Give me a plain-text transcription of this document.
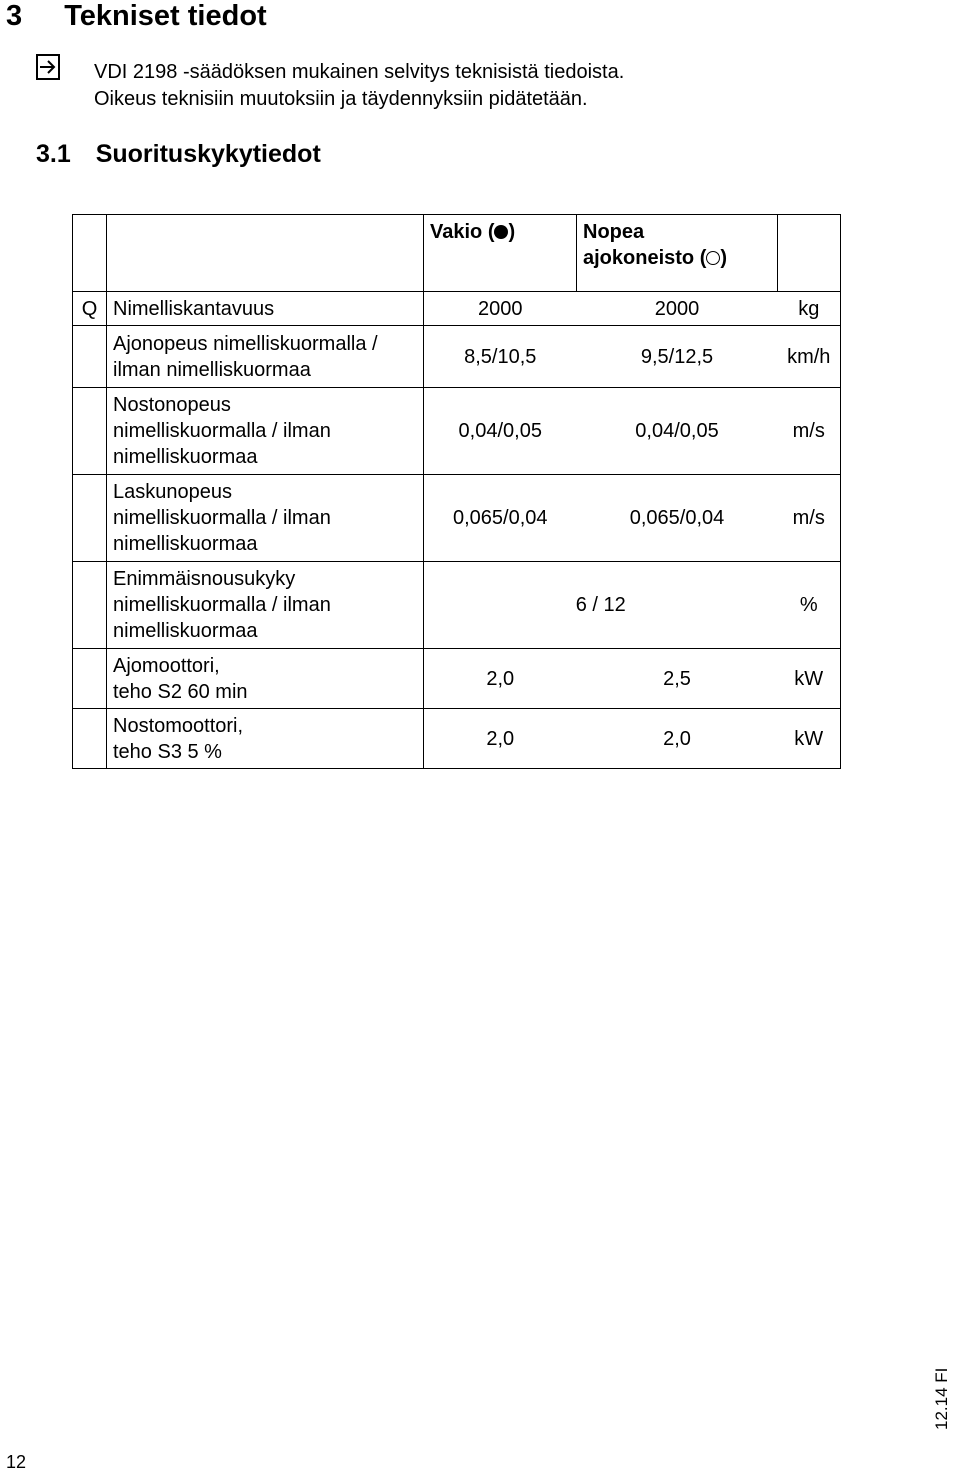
3 Tekniset tiedot
VDI 2198 -säädöksen mukainen selvitys teknisistä tiedoista.
Oikeus teknisiin muutoksiin ja täydennyksiin pidätetään.
3.1 Suorituskykytiedot
		Vakio ( )	Nopea
ajokoneisto ( )	

Q	Nimelliskantavuus	2000	2000	kg

	Ajonopeus nimelliskuormalla /
ilman nimelliskuormaa	8,5/10,5	9,5/12,5	km/h

	Nostonopeus
nimelliskuormalla / ilman
nimelliskuormaa	0,04/0,05	0,04/0,05	m/s

	Laskunopeus
nimelliskuormalla / ilman
nimelliskuormaa	0,065/0,04	0,065/0,04	m/s

	Enimmäisnousukyky
nimelliskuormalla / ilman
nimelliskuormaa	6 / 12		%

	Ajomoottori,
teho S2 60 min	2,0	2,5	kW

	Nostomoottori,
teho S3 5 %	2,0	2,0	kW
12.14 FI
12
